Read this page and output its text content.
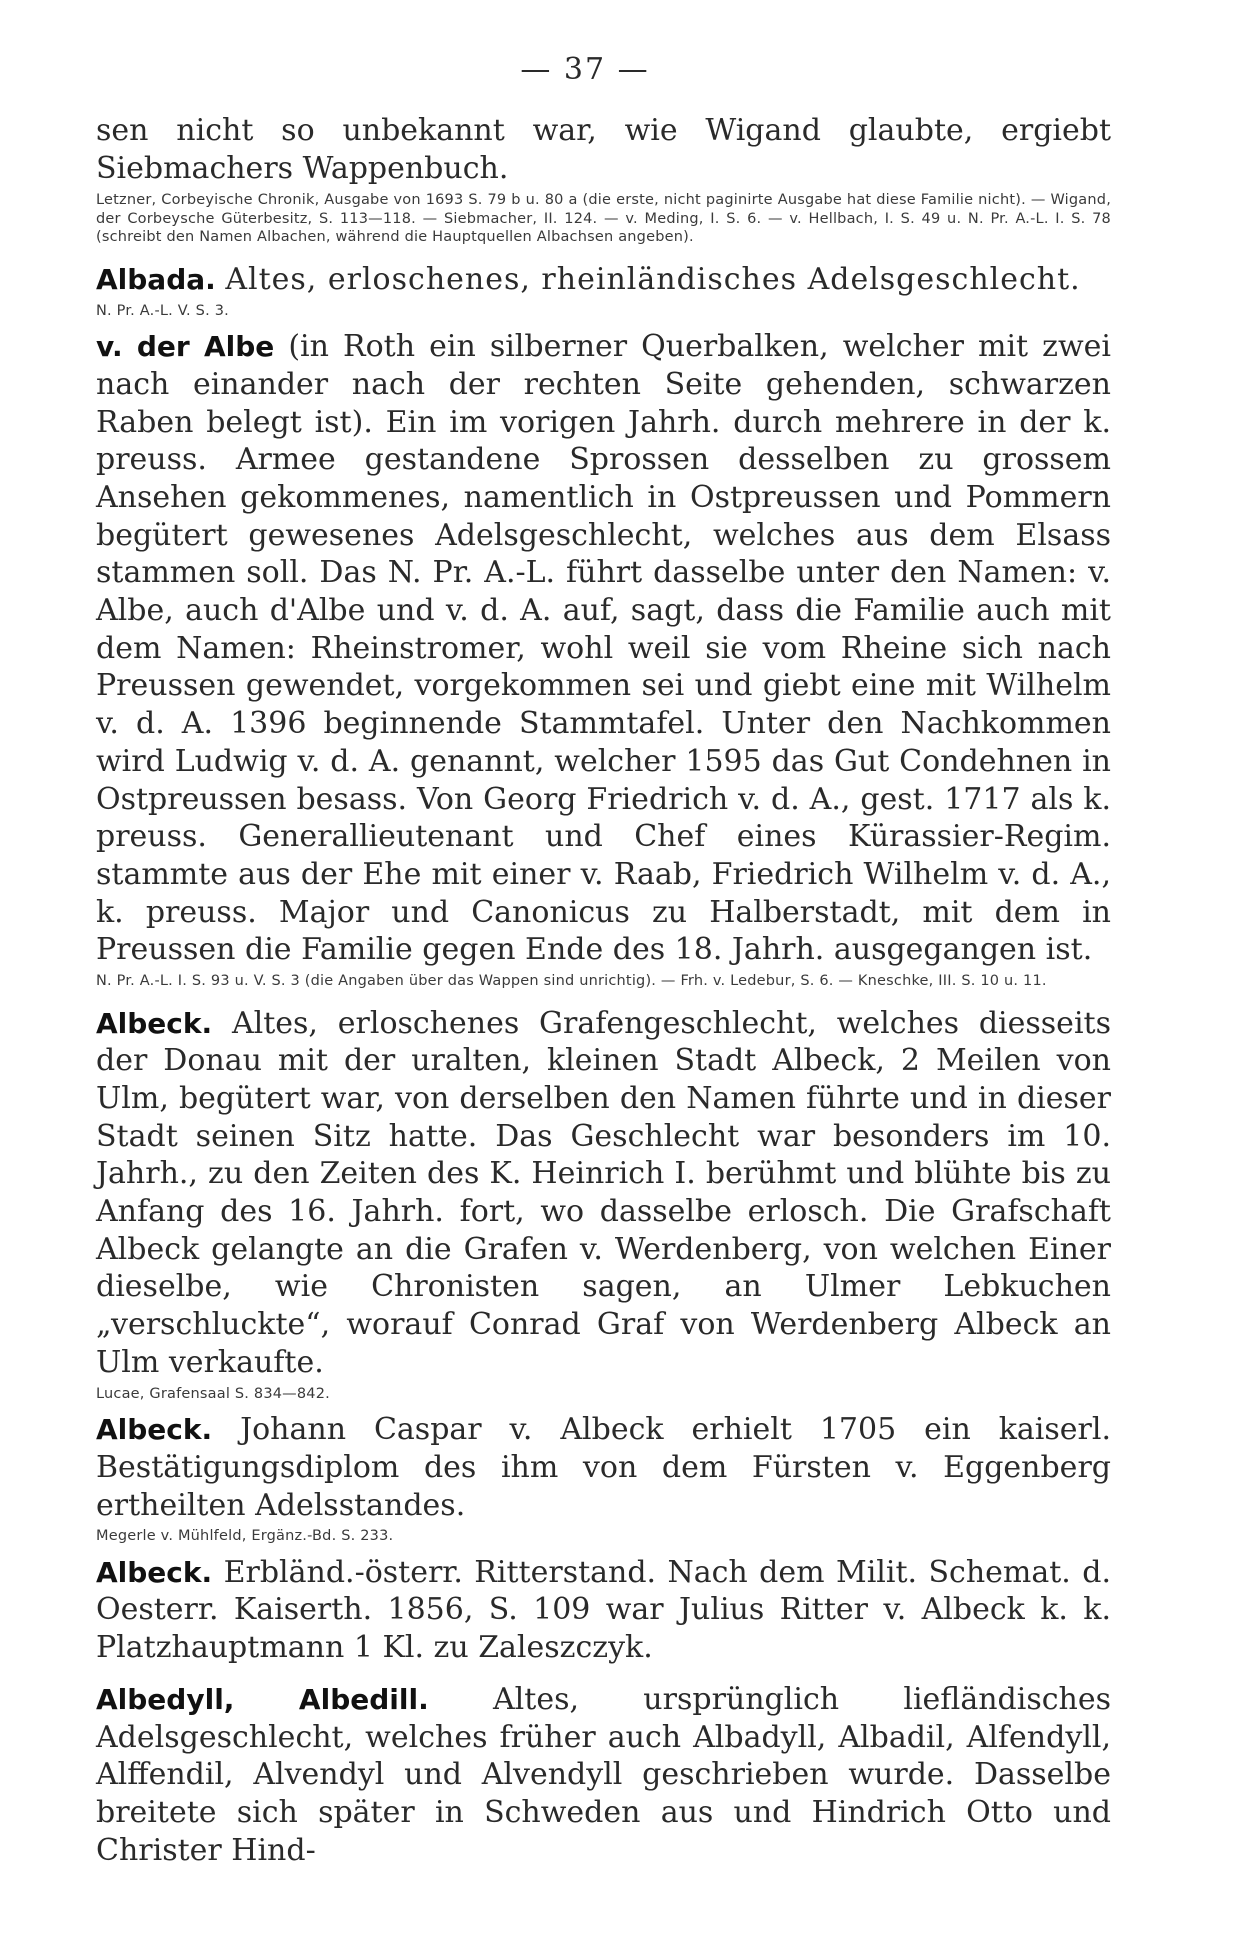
— 37 —

sen nicht so unbekannt war, wie Wigand glaubte, ergiebt Siebmachers Wappenbuch.

Letzner, Corbeyische Chronik, Ausgabe von 1693 S. 79 b u. 80 a (die erste, nicht paginirte Ausgabe hat diese Familie nicht). — Wigand, der Corbeysche Güterbesitz, S. 113—118. — Siebmacher, II. 124. — v. Meding, I. S. 6. — v. Hellbach, I. S. 49 u. N. Pr. A.-L. I. S. 78 (schreibt den Namen Albachen, während die Hauptquellen Albachsen angeben).

Albada. Altes, erloschenes, rheinländisches Adelsgeschlecht.

N. Pr. A.-L. V. S. 3.

v. der Albe (in Roth ein silberner Querbalken, welcher mit zwei nach einander nach der rechten Seite gehenden, schwarzen Raben belegt ist). Ein im vorigen Jahrh. durch mehrere in der k. preuss. Armee gestandene Sprossen desselben zu grossem Ansehen gekommenes, namentlich in Ostpreussen und Pommern begütert gewesenes Adelsgeschlecht, welches aus dem Elsass stammen soll. Das N. Pr. A.-L. führt dasselbe unter den Namen: v. Albe, auch d'Albe und v. d. A. auf, sagt, dass die Familie auch mit dem Namen: Rheinstromer, wohl weil sie vom Rheine sich nach Preussen gewendet, vorgekommen sei und giebt eine mit Wilhelm v. d. A. 1396 beginnende Stammtafel. Unter den Nachkommen wird Ludwig v. d. A. genannt, welcher 1595 das Gut Condehnen in Ostpreussen besass. Von Georg Friedrich v. d. A., gest. 1717 als k. preuss. Generallieutenant und Chef eines Kürassier-Regim. stammte aus der Ehe mit einer v. Raab, Friedrich Wilhelm v. d. A., k. preuss. Major und Canonicus zu Halberstadt, mit dem in Preussen die Familie gegen Ende des 18. Jahrh. ausgegangen ist.

N. Pr. A.-L. I. S. 93 u. V. S. 3 (die Angaben über das Wappen sind unrichtig). — Frh. v. Ledebur, S. 6. — Kneschke, III. S. 10 u. 11.

Albeck. Altes, erloschenes Grafengeschlecht, welches diesseits der Donau mit der uralten, kleinen Stadt Albeck, 2 Meilen von Ulm, begütert war, von derselben den Namen führte und in dieser Stadt seinen Sitz hatte. Das Geschlecht war besonders im 10. Jahrh., zu den Zeiten des K. Heinrich I. berühmt und blühte bis zu Anfang des 16. Jahrh. fort, wo dasselbe erlosch. Die Grafschaft Albeck gelangte an die Grafen v. Werdenberg, von welchen Einer dieselbe, wie Chronisten sagen, an Ulmer Lebkuchen „verschluckte“, worauf Conrad Graf von Werdenberg Albeck an Ulm verkaufte.

Lucae, Grafensaal S. 834—842.

Albeck. Johann Caspar v. Albeck erhielt 1705 ein kaiserl. Bestätigungsdiplom des ihm von dem Fürsten v. Eggenberg ertheilten Adelsstandes.

Megerle v. Mühlfeld, Ergänz.-Bd. S. 233.

Albeck. Erbländ.-österr. Ritterstand. Nach dem Milit. Schemat. d. Oesterr. Kaiserth. 1856, S. 109 war Julius Ritter v. Albeck k. k. Platzhauptmann 1 Kl. zu Zaleszczyk.

Albedyll, Albedill. Altes, ursprünglich liefländisches Adelsgeschlecht, welches früher auch Albadyll, Albadil, Alfendyll, Alffendil, Alvendyl und Alvendyll geschrieben wurde. Dasselbe breitete sich später in Schweden aus und Hindrich Otto und Christer Hind-
